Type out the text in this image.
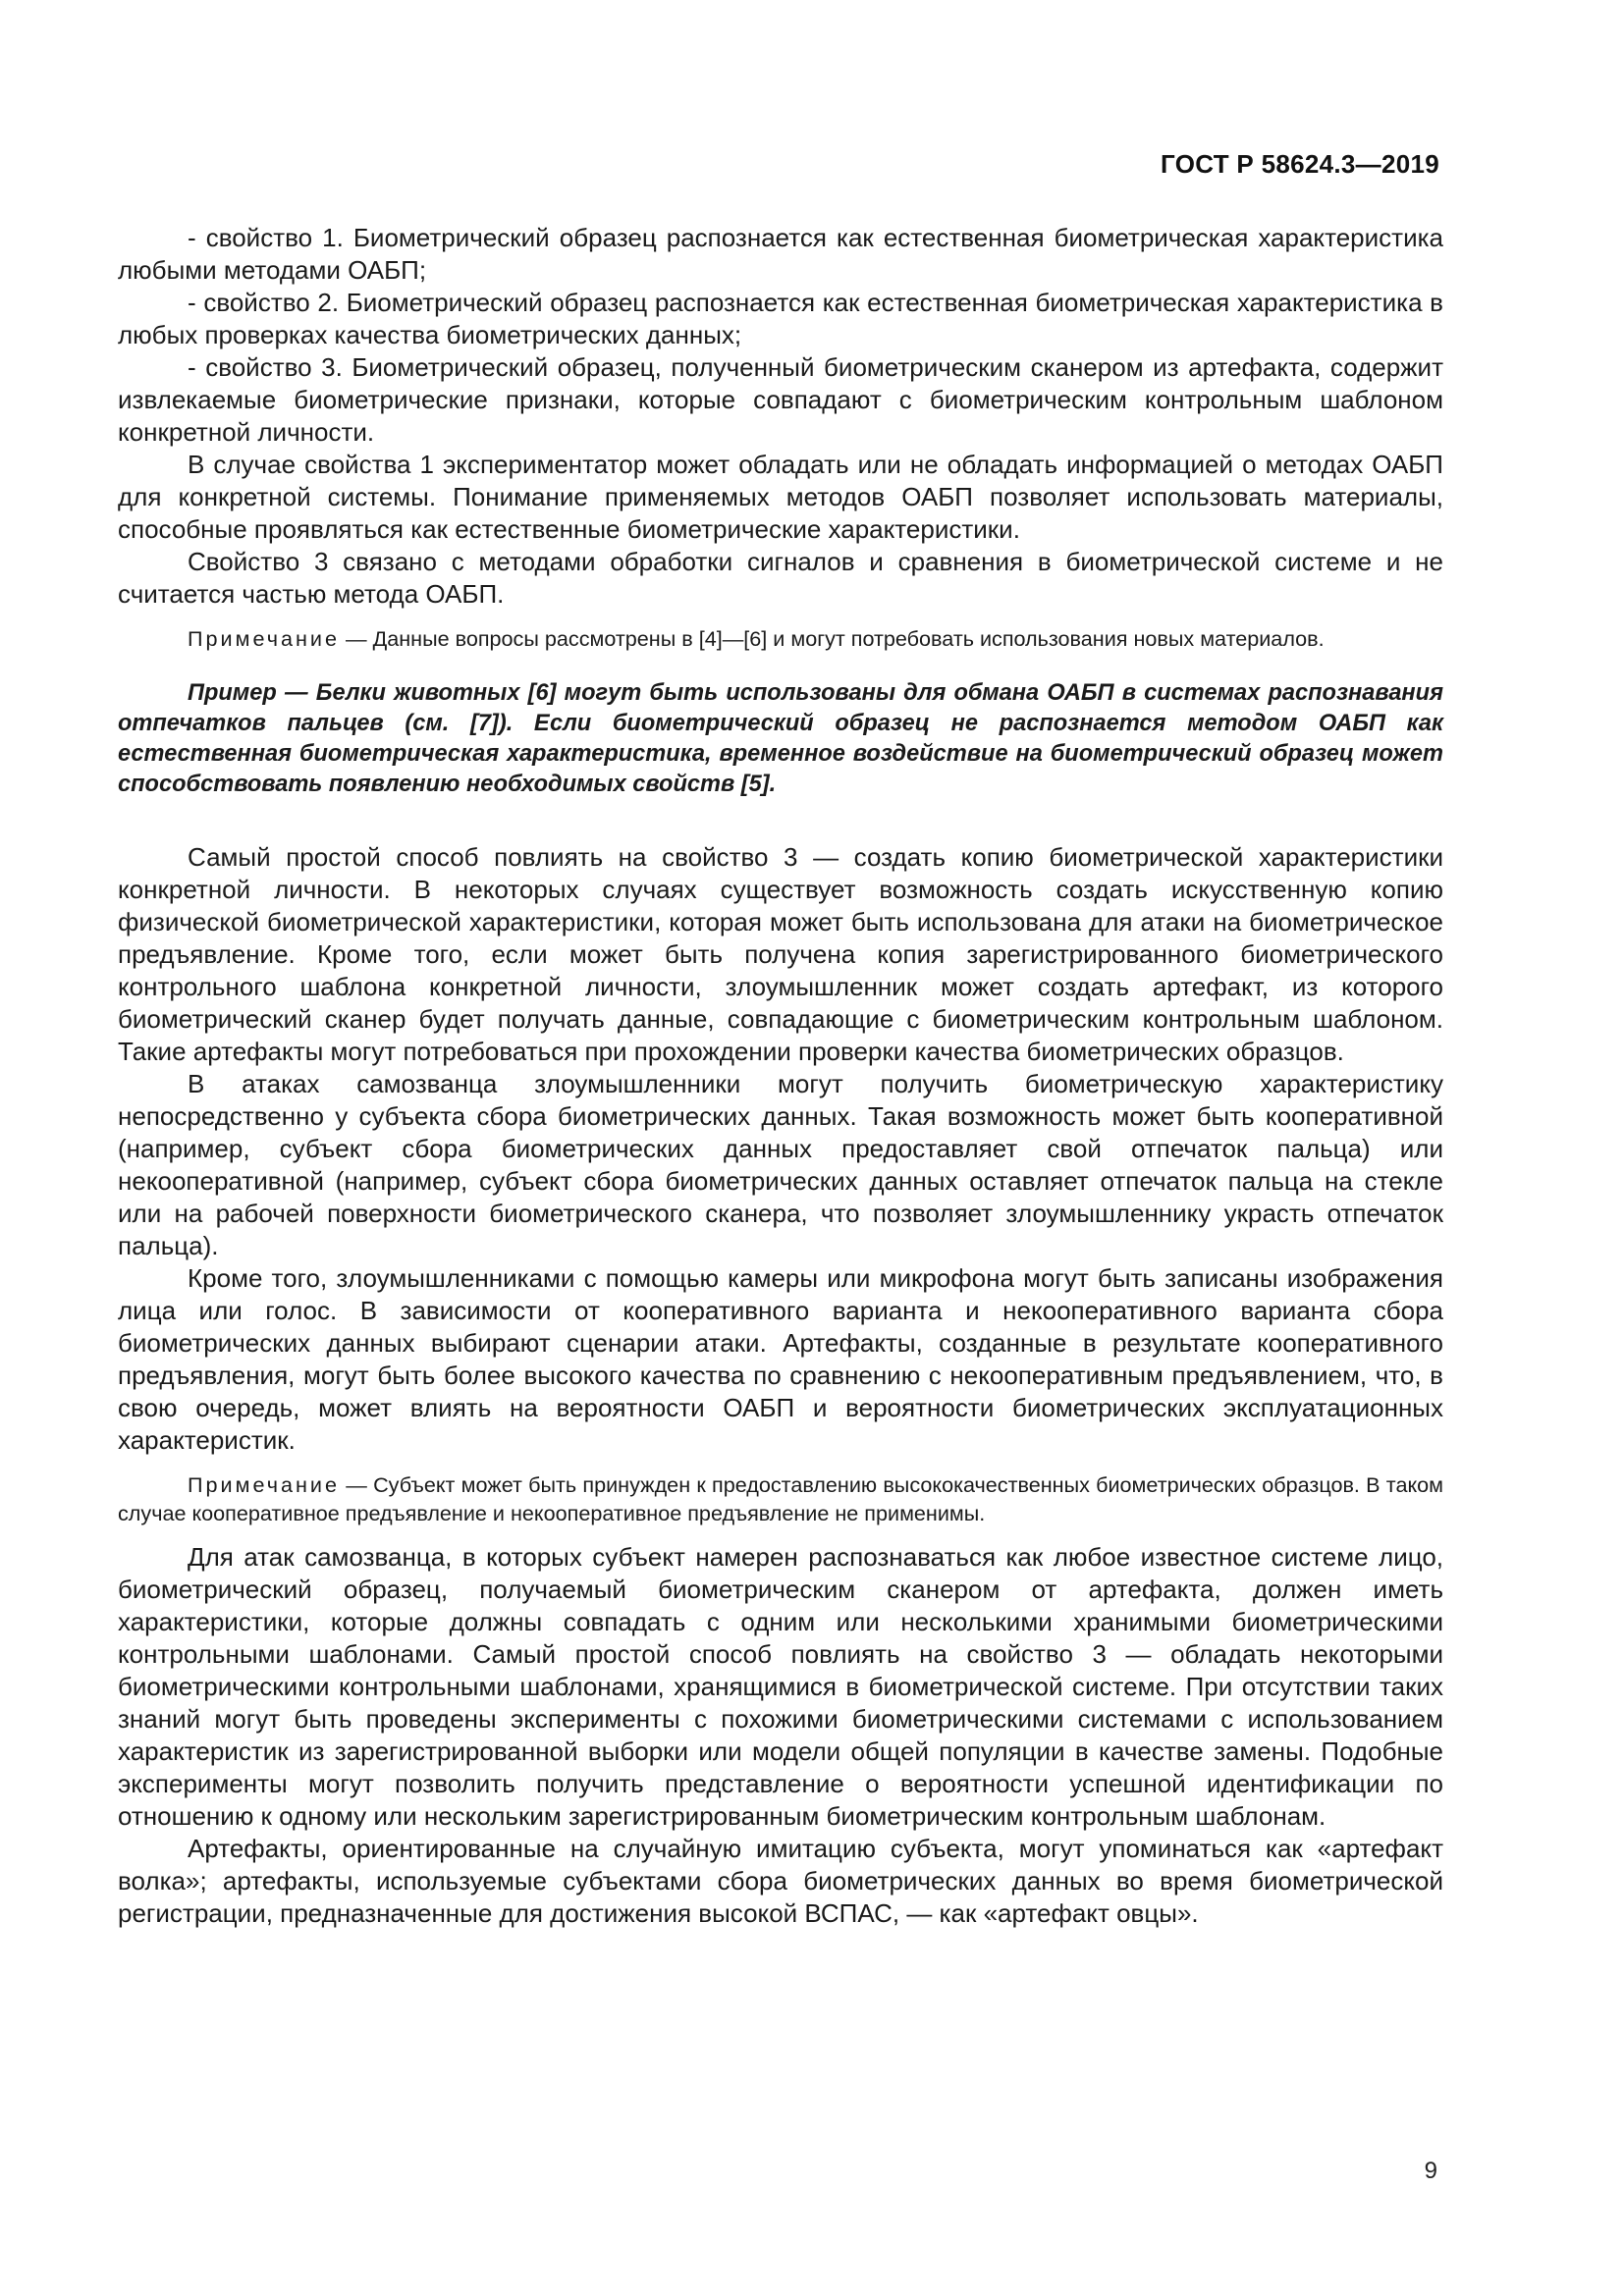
ГОСТ Р 58624.3—2019

- свойство 1. Биометрический образец распознается как естественная биометрическая характеристика любыми методами ОАБП;

- свойство 2. Биометрический образец распознается как естественная биометрическая характеристика в любых проверках качества биометрических данных;

- свойство 3. Биометрический образец, полученный биометрическим сканером из артефакта, содержит извлекаемые биометрические признаки, которые совпадают с биометрическим контрольным шаблоном конкретной личности.

В случае свойства 1 экспериментатор может обладать или не обладать информацией о методах ОАБП для конкретной системы. Понимание применяемых методов ОАБП позволяет использовать материалы, способные проявляться как естественные биометрические характеристики.

Свойство 3 связано с методами обработки сигналов и сравнения в биометрической системе и не считается частью метода ОАБП.

Примечание — Данные вопросы рассмотрены в [4]—[6] и могут потребовать использования новых материалов.

Пример — Белки животных [6] могут быть использованы для обмана ОАБП в системах распознавания отпечатков пальцев (см. [7]). Если биометрический образец не распознается методом ОАБП как естественная биометрическая характеристика, временное воздействие на биометрический образец может способствовать появлению необходимых свойств [5].

Самый простой способ повлиять на свойство 3 — создать копию биометрической характеристики конкретной личности. В некоторых случаях существует возможность создать искусственную копию физической биометрической характеристики, которая может быть использована для атаки на биометрическое предъявление. Кроме того, если может быть получена копия зарегистрированного биометрического контрольного шаблона конкретной личности, злоумышленник может создать артефакт, из которого биометрический сканер будет получать данные, совпадающие с биометрическим контрольным шаблоном. Такие артефакты могут потребоваться при прохождении проверки качества биометрических образцов.

В атаках самозванца злоумышленники могут получить биометрическую характеристику непосредственно у субъекта сбора биометрических данных. Такая возможность может быть кооперативной (например, субъект сбора биометрических данных предоставляет свой отпечаток пальца) или некооперативной (например, субъект сбора биометрических данных оставляет отпечаток пальца на стекле или на рабочей поверхности биометрического сканера, что позволяет злоумышленнику украсть отпечаток пальца).

Кроме того, злоумышленниками с помощью камеры или микрофона могут быть записаны изображения лица или голос. В зависимости от кооперативного варианта и некооперативного варианта сбора биометрических данных выбирают сценарии атаки. Артефакты, созданные в результате кооперативного предъявления, могут быть более высокого качества по сравнению с некооперативным предъявлением, что, в свою очередь, может влиять на вероятности ОАБП и вероятности биометрических эксплуатационных характеристик.

Примечание — Субъект может быть принужден к предоставлению высококачественных биометрических образцов. В таком случае кооперативное предъявление и некооперативное предъявление не применимы.

Для атак самозванца, в которых субъект намерен распознаваться как любое известное системе лицо, биометрический образец, получаемый биометрическим сканером от артефакта, должен иметь характеристики, которые должны совпадать с одним или несколькими хранимыми биометрическими контрольными шаблонами. Самый простой способ повлиять на свойство 3 — обладать некоторыми биометрическими контрольными шаблонами, хранящимися в биометрической системе. При отсутствии таких знаний могут быть проведены эксперименты с похожими биометрическими системами с использованием характеристик из зарегистрированной выборки или модели общей популяции в качестве замены. Подобные эксперименты могут позволить получить представление о вероятности успешной идентификации по отношению к одному или нескольким зарегистрированным биометрическим контрольным шаблонам.

Артефакты, ориентированные на случайную имитацию субъекта, могут упоминаться как «артефакт волка»; артефакты, используемые субъектами сбора биометрических данных во время биометрической регистрации, предназначенные для достижения высокой ВСПАС, — как «артефакт овцы».

9
